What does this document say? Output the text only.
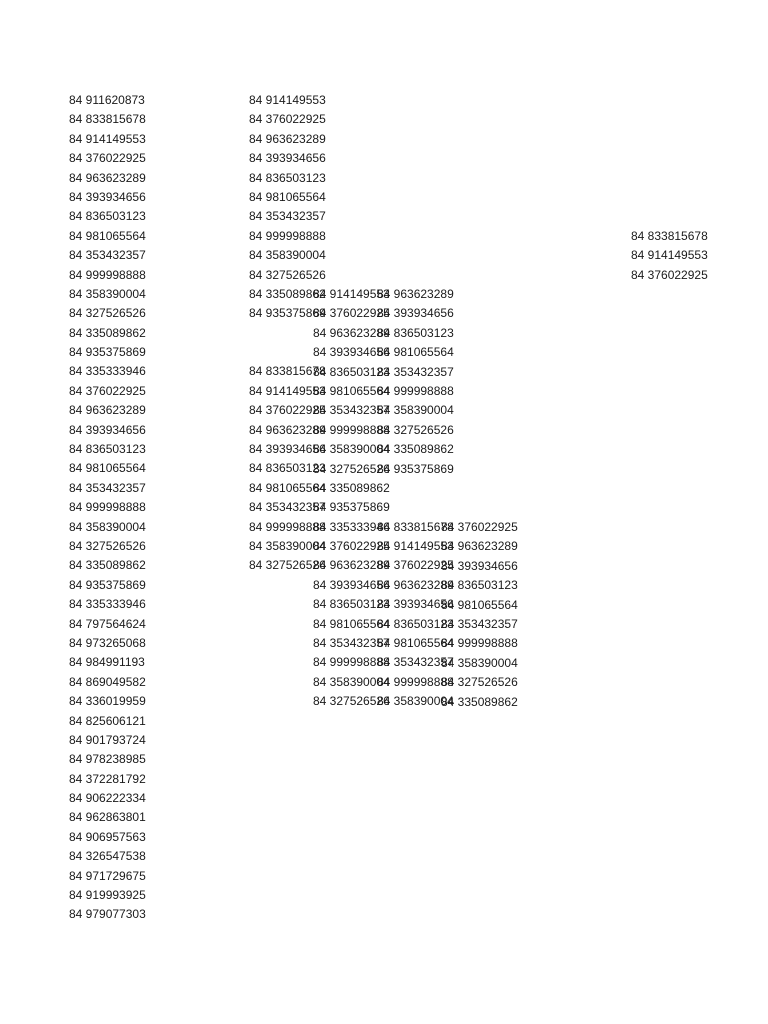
84 911620873
84 833815678
84 914149553
84 376022925
84 963623289
84 393934656
84 836503123
84 981065564
84 353432357
84 999998888
84 358390004
84 327526526
84 335089862
84 935375869
84 335333946
84 376022925
84 963623289
84 393934656
84 836503123
84 981065564
84 353432357
84 999998888
84 358390004
84 327526526
84 335089862
84 935375869
84 335333946
84 797564624
84 973265068
84 984991193
84 869049582
84 336019959
84 825606121
84 901793724
84 978238985
84 372281792
84 906222334
84 962863801
84 906957563
84 326547538
84 971729675
84 919993925
84 979077303
84 914149553
84 376022925
84 963623289
84 393934656
84 836503123
84 981065564
84 353432357
84 999998888
84 358390004
84 327526526
84 335089862
84 935375869
84 833815678
84 914149553
84 376022925
84 963623289
84 393934656
84 836503123
84 981065564
84 353432357
84 999998888
84 358390004
84 327526526
84 914149553
84 376022925
84 963623289
84 393934656
84 836503123
84 981065564
84 353432357
84 999998888
84 358390004
84 327526526
84 335089862
84 935375869
84 335333946
84 376022925
84 963623289
84 393934656
84 836503123
84 981065564
84 353432357
84 999998888
84 358390004
84 327526526
84 963623289
84 393934656
84 836503123
84 981065564
84 353432357
84 999998888
84 358390004
84 327526526
84 335089862
84 935375869
84 833815678
84 914149553
84 376022925
84 963623289
84 393934656
84 836503123
84 981065564
84 353432357
84 999998888
84 358390004
84 376022925
84 963623289
84 393934656
84 836503123
84 981065564
84 353432357
84 999998888
84 358390004
84 327526526
84 335089862
84 833815678
84 914149553
84 376022925
